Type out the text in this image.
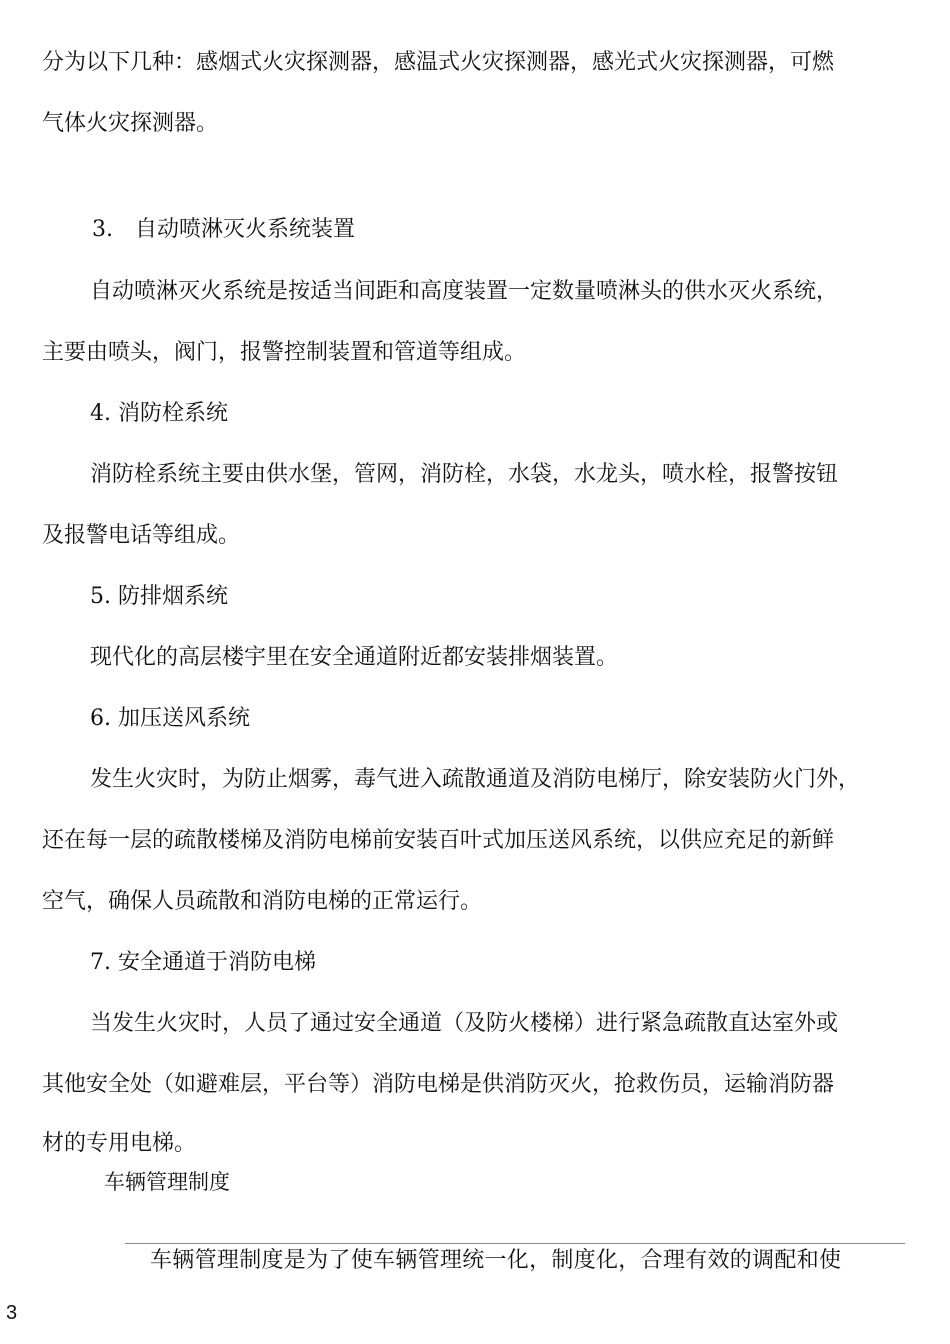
分为以下几种：感烟式火灾探测器，感温式火灾探测器，感光式火灾探测器，可燃
气体火灾探测器。
3. 自动喷淋灭火系统装置
自动喷淋灭火系统是按适当间距和高度装置一定数量喷淋头的供水灭火系统，
主要由喷头，阀门，报警控制装置和管道等组成。
4. 消防栓系统
消防栓系统主要由供水堡，管网，消防栓，水袋，水龙头，喷水栓，报警按钮
及报警电话等组成。
5. 防排烟系统
现代化的高层楼宇里在安全通道附近都安装排烟装置。
6. 加压送风系统
发生火灾时，为防止烟雾，毒气进入疏散通道及消防电梯厅，除安装防火门外，
还在每一层的疏散楼梯及消防电梯前安装百叶式加压送风系统，以供应充足的新鲜
空气，确保人员疏散和消防电梯的正常运行。
7. 安全通道于消防电梯
当发生火灾时，人员了通过安全通道（及防火楼梯）进行紧急疏散直达室外或
其他安全处（如避难层，平台等）消防电梯是供消防灭火，抢救伤员，运输消防器
材的专用电梯。
车辆管理制度
车辆管理制度是为了使车辆管理统一化，制度化，合理有效的调配和使
3
